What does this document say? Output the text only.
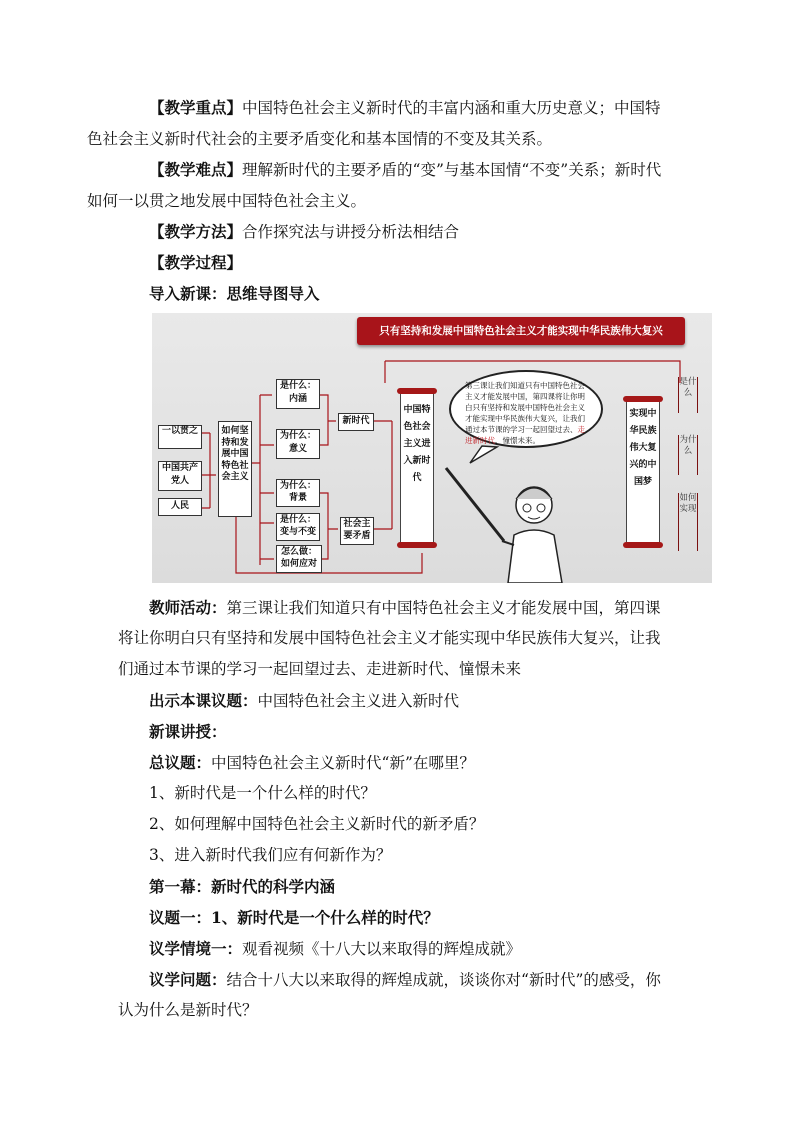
【教学重点】中国特色社会主义新时代的丰富内涵和重大历史意义；中国特
色社会主义新时代社会的主要矛盾变化和基本国情的不变及其关系。

【教学难点】理解新时代的主要矛盾的“变”与基本国情“不变”关系；新时代
如何一以贯之地发展中国特色社会主义。

【教学方法】合作探究法与讲授分析法相结合

【教学过程】

导入新课：思维导图导入

只有坚持和发展中国特色社会主义才能实现中华民族伟大复兴
一以贯之
中国共产党人
人民
如何坚持和发展中国特色社会主义
是什么：内涵
为什么：意义
为什么：背景
是什么：变与不变
怎么做：如何应对
新时代
社会主要矛盾
中国特色社会主义进入新时代
实现中华民族伟大复兴的中国梦
是什么
为什么
如何实现
第三课让我们知道只有中国特色社会主义才能发展中国，第四课将让你明白只有坚持和发展中国特色社会主义才能实现中华民族伟大复兴，让我们通过本节课的学习一起回望过去、走进新时代、憧憬未来。

教师活动：第三课让我们知道只有中国特色社会主义才能发展中国，第四课

将让你明白只有坚持和发展中国特色社会主义才能实现中华民族伟大复兴，让我

们通过本节课的学习一起回望过去、走进新时代、憧憬未来

出示本课议题：中国特色社会主义进入新时代

新课讲授：

总议题：中国特色社会主义新时代“新”在哪里？

1、新时代是一个什么样的时代？

2、如何理解中国特色社会主义新时代的新矛盾？

3、进入新时代我们应有何新作为？

第一幕：新时代的科学内涵

议题一：1、新时代是一个什么样的时代？

议学情境一：观看视频《十八大以来取得的辉煌成就》

议学问题：结合十八大以来取得的辉煌成就，谈谈你对“新时代”的感受，你

认为什么是新时代？
